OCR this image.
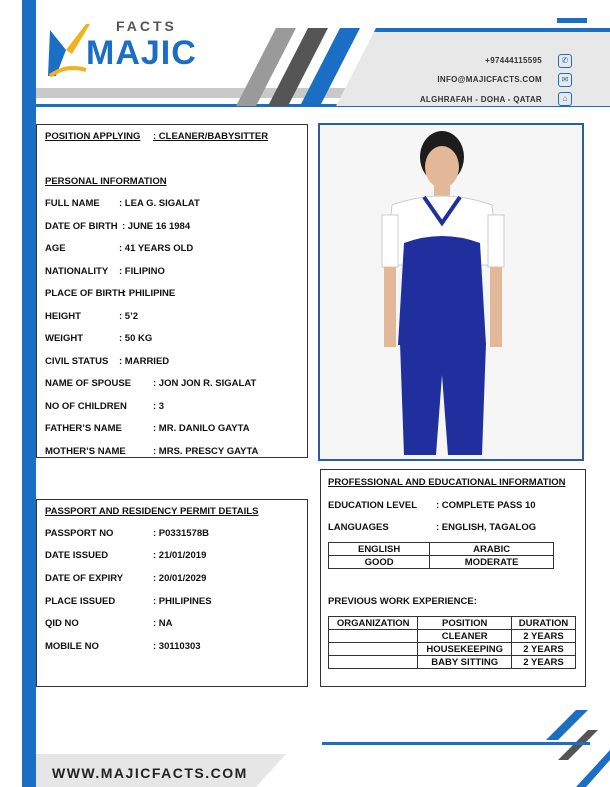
FACTS
MAJIC	+97444115595	✆
INFO@MAJICFACTS.COM	✉
ALGHRAFAH - DOHA - QATAR	⌂
POSITION APPLYING : CLEANER/BABYSITTER
PERSONAL INFORMATION
FULL NAME : LEA G. SIGALAT
DATE OF BIRTH : JUNE 16 1984
AGE	: 41 YEARS OLD
NATIONALITY : FILIPINO
PLACE OF BIRTH
: PHILIPINE
HEIGHT	: 5’2
WEIGHT	: 50 KG
CIVIL STATUS : MARRIED
NAME OF SPOUSE : JON JON R. SIGALAT
NO OF CHILDREN	: 3
FATHER’S NAME	: MR. DANILO GAYTA
MOTHER’S NAME	: MRS. PRESCY GAYTA
PASSPORT AND RESIDENCY PERMIT DETAILS
PASSPORT NO	: P0331578B
DATE ISSUED	: 21/01/2019
DATE OF EXPIRY	: 20/01/2029
PLACE ISSUED	: PHILIPINES
QID NO	: NA
MOBILE NO	: 30110303
PROFESSIONAL AND EDUCATIONAL INFORMATION
EDUCATION LEVEL : COMPLETE PASS 10
LANGUAGES	: ENGLISH, TAGALOG
ENGLISH	ARABIC
GOOD	MODERATE
PREVIOUS WORK EXPERIENCE:
ORGANIZATION	POSITION	DURATION
	CLEANER	2 YEARS
	HOUSEKEEPING	2 YEARS
	BABY SITTING	2 YEARS
WWW.MAJICFACTS.COM
